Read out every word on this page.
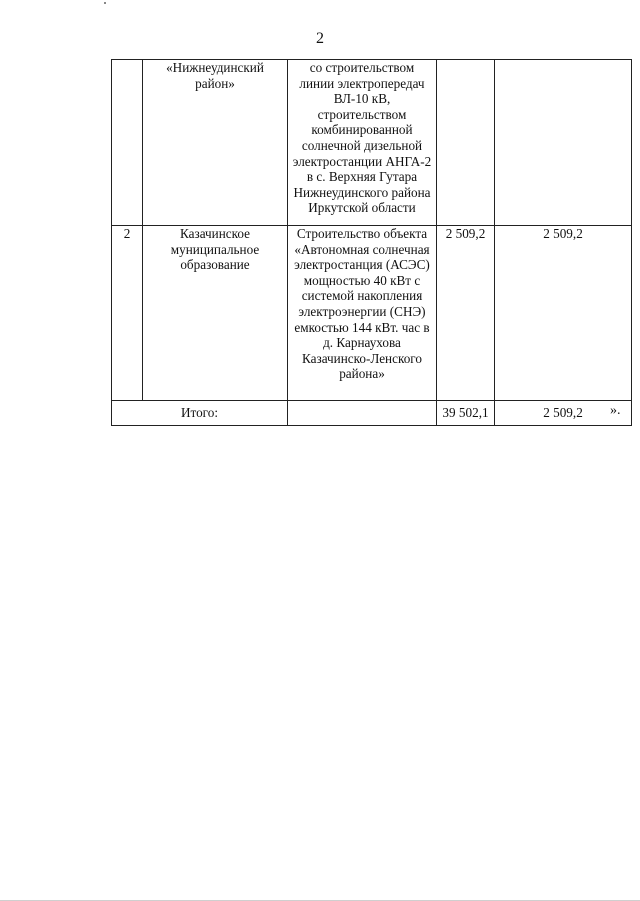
2
	«Нижнеудинский район»	со строительством линии электропередач ВЛ-10 кВ, строительством комбинированной солнечной дизельной электростанции АНГА-2 в с. Верхняя Гутара Нижнеудинского района Иркутской области		
2	Казачинское муниципальное образование	Строительство объекта «Автономная солнечная электростанция (АСЭС) мощностью 40 кВт с системой накопления электроэнергии (СНЭ) емкостью 144 кВт. час в д. Карнаухова Казачинско-Ленского района»	2 509,2	2 509,2
Итого:			39 502,1	2 509,2 ».
